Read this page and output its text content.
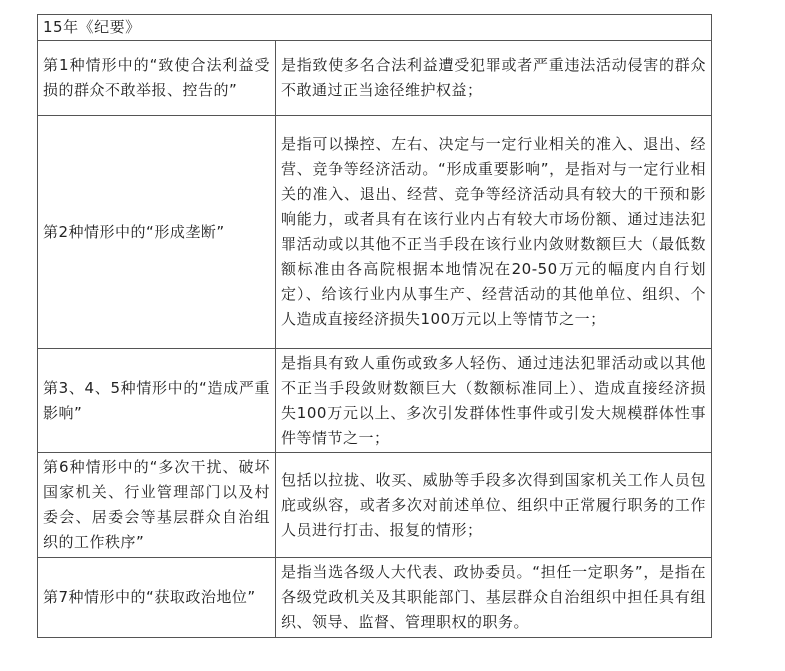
15年《纪要》	
第1种情形中的“致使合法利益受损的群众不敢举报、控告的”	是指致使多名合法利益遭受犯罪或者严重违法活动侵害的群众不敢通过正当途径维护权益；
第2种情形中的“形成垄断”	是指可以操控、左右、决定与一定行业相关的准入、退出、经营、竞争等经济活动。“形成重要影响”，是指对与一定行业相关的准入、退出、经营、竞争等经济活动具有较大的干预和影响能力，或者具有在该行业内占有较大市场份额、通过违法犯罪活动或以其他不正当手段在该行业内敛财数额巨大（最低数额标准由各高院根据本地情况在20-50万元的幅度内自行划定）、给该行业内从事生产、经营活动的其他单位、组织、个人造成直接经济损失100万元以上等情节之一；
第3、4、5种情形中的“造成严重影响”	是指具有致人重伤或致多人轻伤、通过违法犯罪活动或以其他不正当手段敛财数额巨大（数额标准同上）、造成直接经济损失100万元以上、多次引发群体性事件或引发大规模群体性事件等情节之一；
第6种情形中的“多次干扰、破坏国家机关、行业管理部门以及村委会、居委会等基层群众自治组织的工作秩序”	包括以拉拢、收买、威胁等手段多次得到国家机关工作人员包庇或纵容，或者多次对前述单位、组织中正常履行职务的工作人员进行打击、报复的情形；
第7种情形中的“获取政治地位”	是指当选各级人大代表、政协委员。“担任一定职务”，是指在各级党政机关及其职能部门、基层群众自治组织中担任具有组织、领导、监督、管理职权的职务。
